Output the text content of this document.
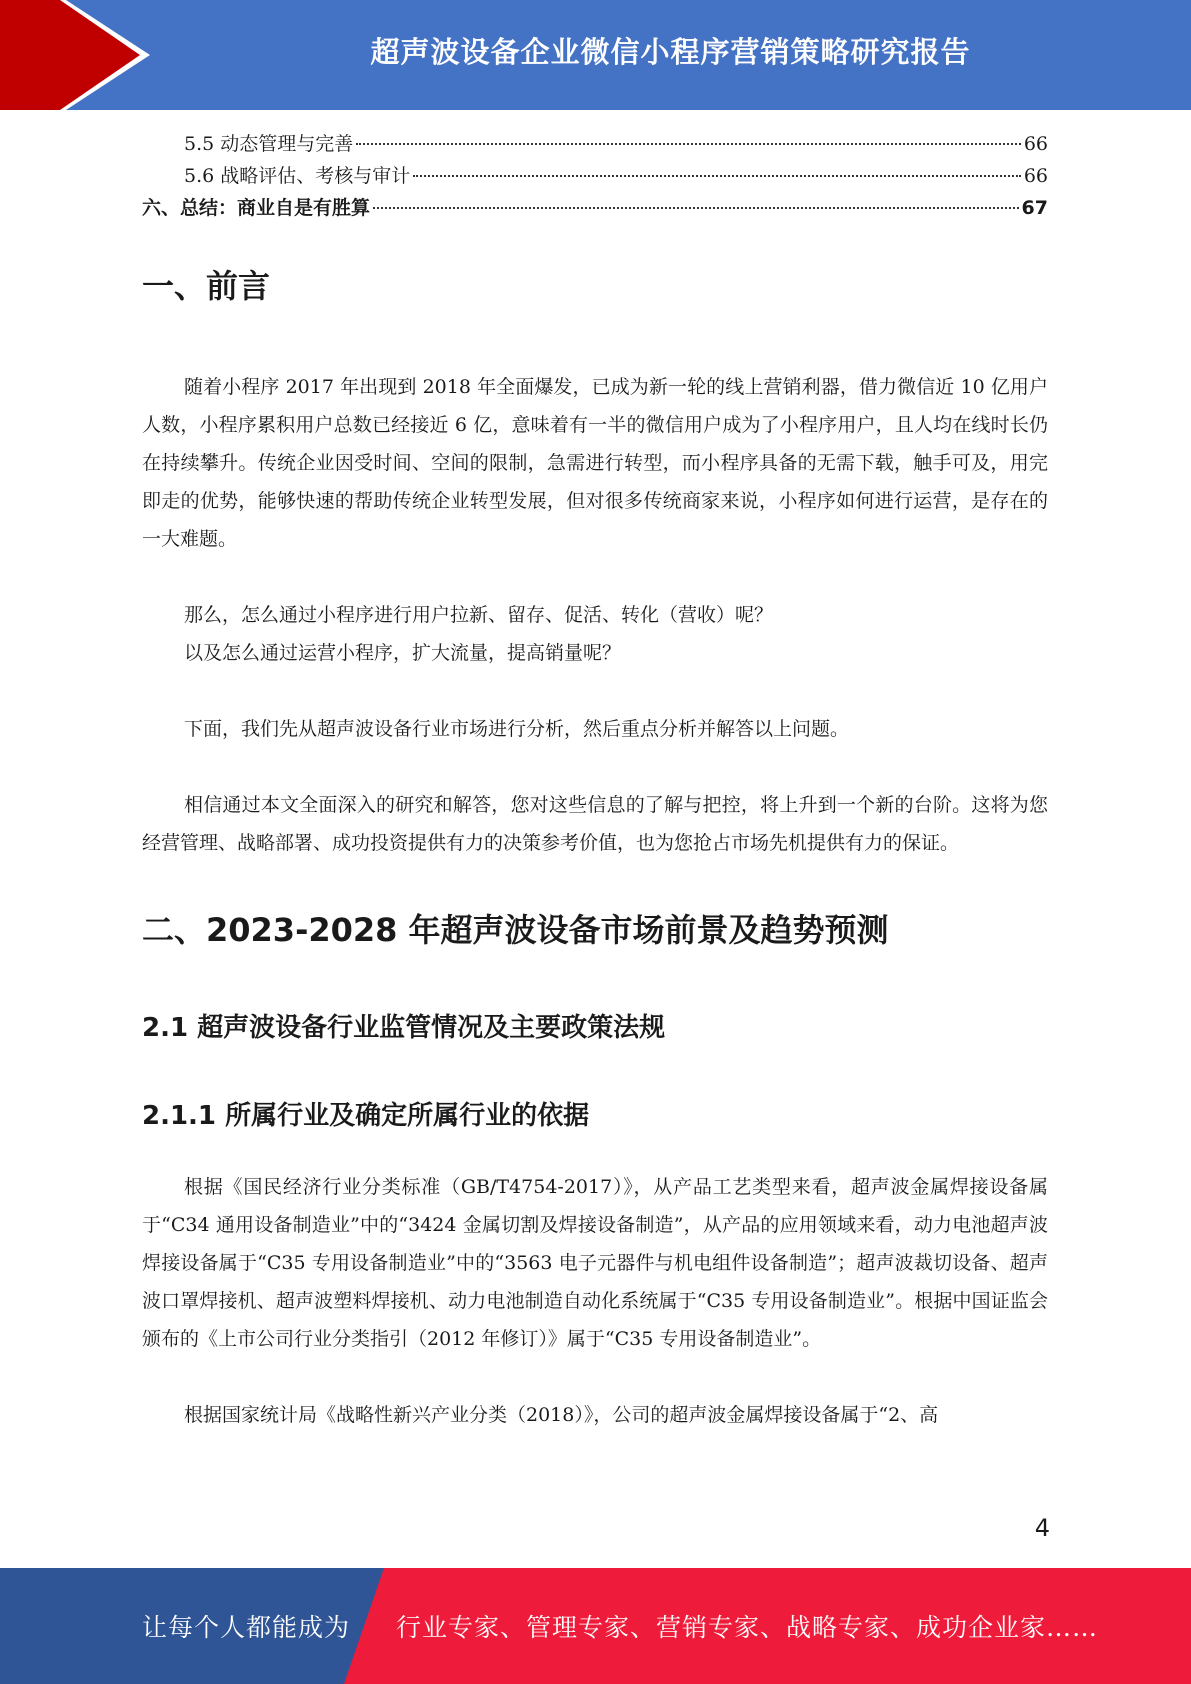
超声波设备企业微信小程序营销策略研究报告
5.5 动态管理与完善	66
5.6 战略评估、考核与审计	66
六、总结：商业自是有胜算	67
一、前言

随着小程序 2017 年出现到 2018 年全面爆发，已成为新一轮的线上营销利器，借力微信近 10 亿用户人数，小程序累积用户总数已经接近 6 亿，意味着有一半的微信用户成为了小程序用户，且人均在线时长仍在持续攀升。传统企业因受时间、空间的限制，急需进行转型，而小程序具备的无需下载，触手可及，用完即走的优势，能够快速的帮助传统企业转型发展，但对很多传统商家来说，小程序如何进行运营，是存在的一大难题。

那么，怎么通过小程序进行用户拉新、留存、促活、转化（营收）呢？

以及怎么通过运营小程序，扩大流量，提高销量呢？

下面，我们先从超声波设备行业市场进行分析，然后重点分析并解答以上问题。

相信通过本文全面深入的研究和解答，您对这些信息的了解与把控，将上升到一个新的台阶。这将为您经营管理、战略部署、成功投资提供有力的决策参考价值，也为您抢占市场先机提供有力的保证。

二、2023-2028 年超声波设备市场前景及趋势预测
2.1 超声波设备行业监管情况及主要政策法规
2.1.1 所属行业及确定所属行业的依据

根据《国民经济行业分类标准（GB/T4754-2017）》，从产品工艺类型来看，超声波金属焊接设备属于“C34 通用设备制造业”中的“3424 金属切割及焊接设备制造”，从产品的应用领域来看，动力电池超声波焊接设备属于“C35 专用设备制造业”中的“3563 电子元器件与机电组件设备制造”；超声波裁切设备、超声波口罩焊接机、超声波塑料焊接机、动力电池制造自动化系统属于“C35 专用设备制造业”。根据中国证监会颁布的《上市公司行业分类指引（2012 年修订）》属于“C35 专用设备制造业”。

根据国家统计局《战略性新兴产业分类（2018）》，公司的超声波金属焊接设备属于“2、高

4
让每个人都能成为 行业专家、管理专家、营销专家、战略专家、成功企业家……
